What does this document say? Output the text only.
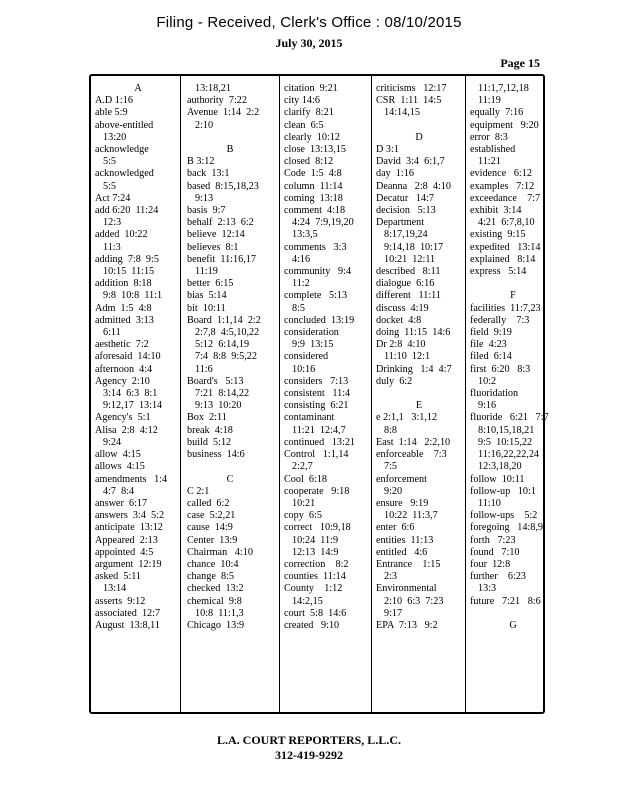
Filing - Received, Clerk's Office : 08/10/2015
July 30, 2015
Page 15
A
A.D 1:16
able 5:9
above-entitled
13:20
acknowledge
5:5
acknowledged
5:5
Act 7:24
add 6:20  11:24
12:3
added  10:22
11:3
adding  7:8  9:5
10:15  11:15
addition  8:18
9:8  10:8  11:1
Adm  1:5  4:8
admitted  3:13
6:11
aesthetic  7:2
aforesaid  14:10
afternoon  4:4
Agency  2:10
3:14  6:3  8:1
9:12,17  13:14
Agency's  5:1
Alisa  2:8  4:12
9:24
allow  4:15
allows  4:15
amendments   1:4
4:7  8:4
answer  6:17
answers  3:4  5:2
anticipate  13:12
Appeared  2:13
appointed  4:5
argument  12:19
asked  5:11
13:14
asserts  9:12
associated  12:7
August  13:8,11
13:18,21
authority  7:22
Avenue  1:14  2:2
2:10

B
B 3:12
back  13:1
based  8:15,18,23
9:13
basis  9:7
behalf  2:13  6:2
believe  12:14
believes  8:1
benefit  11:16,17
11:19
better  6:15
bias  5:14
bit  10:11
Board  1:1,14  2:2
2:7,8  4:5,10,22
5:12  6:14,19
7:4  8:8  9:5,22
11:6
Board's   5:13
7:21  8:14,22
9:13  10:20
Box  2:11
break  4:18
build  5:12
business  14:6

C
C 2:1
called  6:2
case  5:2,21
cause  14:9
Center  13:9
Chairman   4:10
chance  10:4
change  8:5
checked  13:2
chemical  9:8
10:8  11:1,3
Chicago  13:9
citation  9:21
city 14:6
clarify  8:21
clean  6:5
clearly  10:12
close  13:13,15
closed  8:12
Code  1:5  4:8
column  11:14
coming  13:18
comment  4:18
4:24  7:9,19,20
13:3,5
comments   3:3
4:16
community   9:4
11:2
complete   5:13
8:5
concluded  13:19
consideration
9:9  13:15
considered
10:16
considers   7:13
consistent   11:4
consisting  6:21
contaminant
11:21  12:4,7
continued   13:21
Control   1:1,14
2:2,7
Cool  6:18
cooperate   9:18
10:21
copy  6:5
correct   10:9,18
10:24  11:9
12:13  14:9
correction    8:2
counties  11:14
County    1:12
14:2,15
court  5:8  14:6
created   9:10
criticisms   12:17
CSR  1:11  14:5
14:14,15

D
D 3:1
David  3:4  6:1,7
day  1:16
Deanna   2:8  4:10
Decatur   14:7
decision   5:13
Department
8:17,19,24
9:14,18  10:17
10:21  12:11
described   8:11
dialogue  6:16
different   11:11
discuss  4:19
docket  4:8
doing  11:15  14:6
Dr 2:8  4:10
11:10  12:1
Drinking   1:4  4:7
duly  6:2

E
e 2:1,1   3:1,12
8:8
East  1:14   2:2,10
enforceable    7:3
7:5
enforcement
9:20
ensure   9:19
10:22  11:3,7
enter  6:6
entities  11:13
entitled   4:6
Entrance    1:15
2:3
Environmental
2:10  6:3  7:23
9:17
EPA  7:13   9:2
11:1,7,12,18
11:19
equally  7:16
equipment   9:20
error  8:3
established
11:21
evidence   6:12
examples   7:12
exceedance    7:7
exhibit  3:14
4:21  6:7,8,10
existing  9:15
expedited   13:14
explained   8:14
express   5:14

F
facilities  11:7,23
federally    7:3
field  9:19
file  4:23
filed  6:14
first  6:20   8:3
10:2
fluoridation
9:16
fluoride   6:21   7:7
8:10,15,18,21
9:5  10:15,22
11:16,22,22,24
12:3,18,20
follow  10:11
follow-up   10:1
11:10
follow-ups    5:2
foregoing   14:8,9
forth   7:23
found   7:10
four  12:8
further    6:23
13:3
future   7:21   8:6

G
L.A. COURT REPORTERS, L.L.C.
312-419-9292
